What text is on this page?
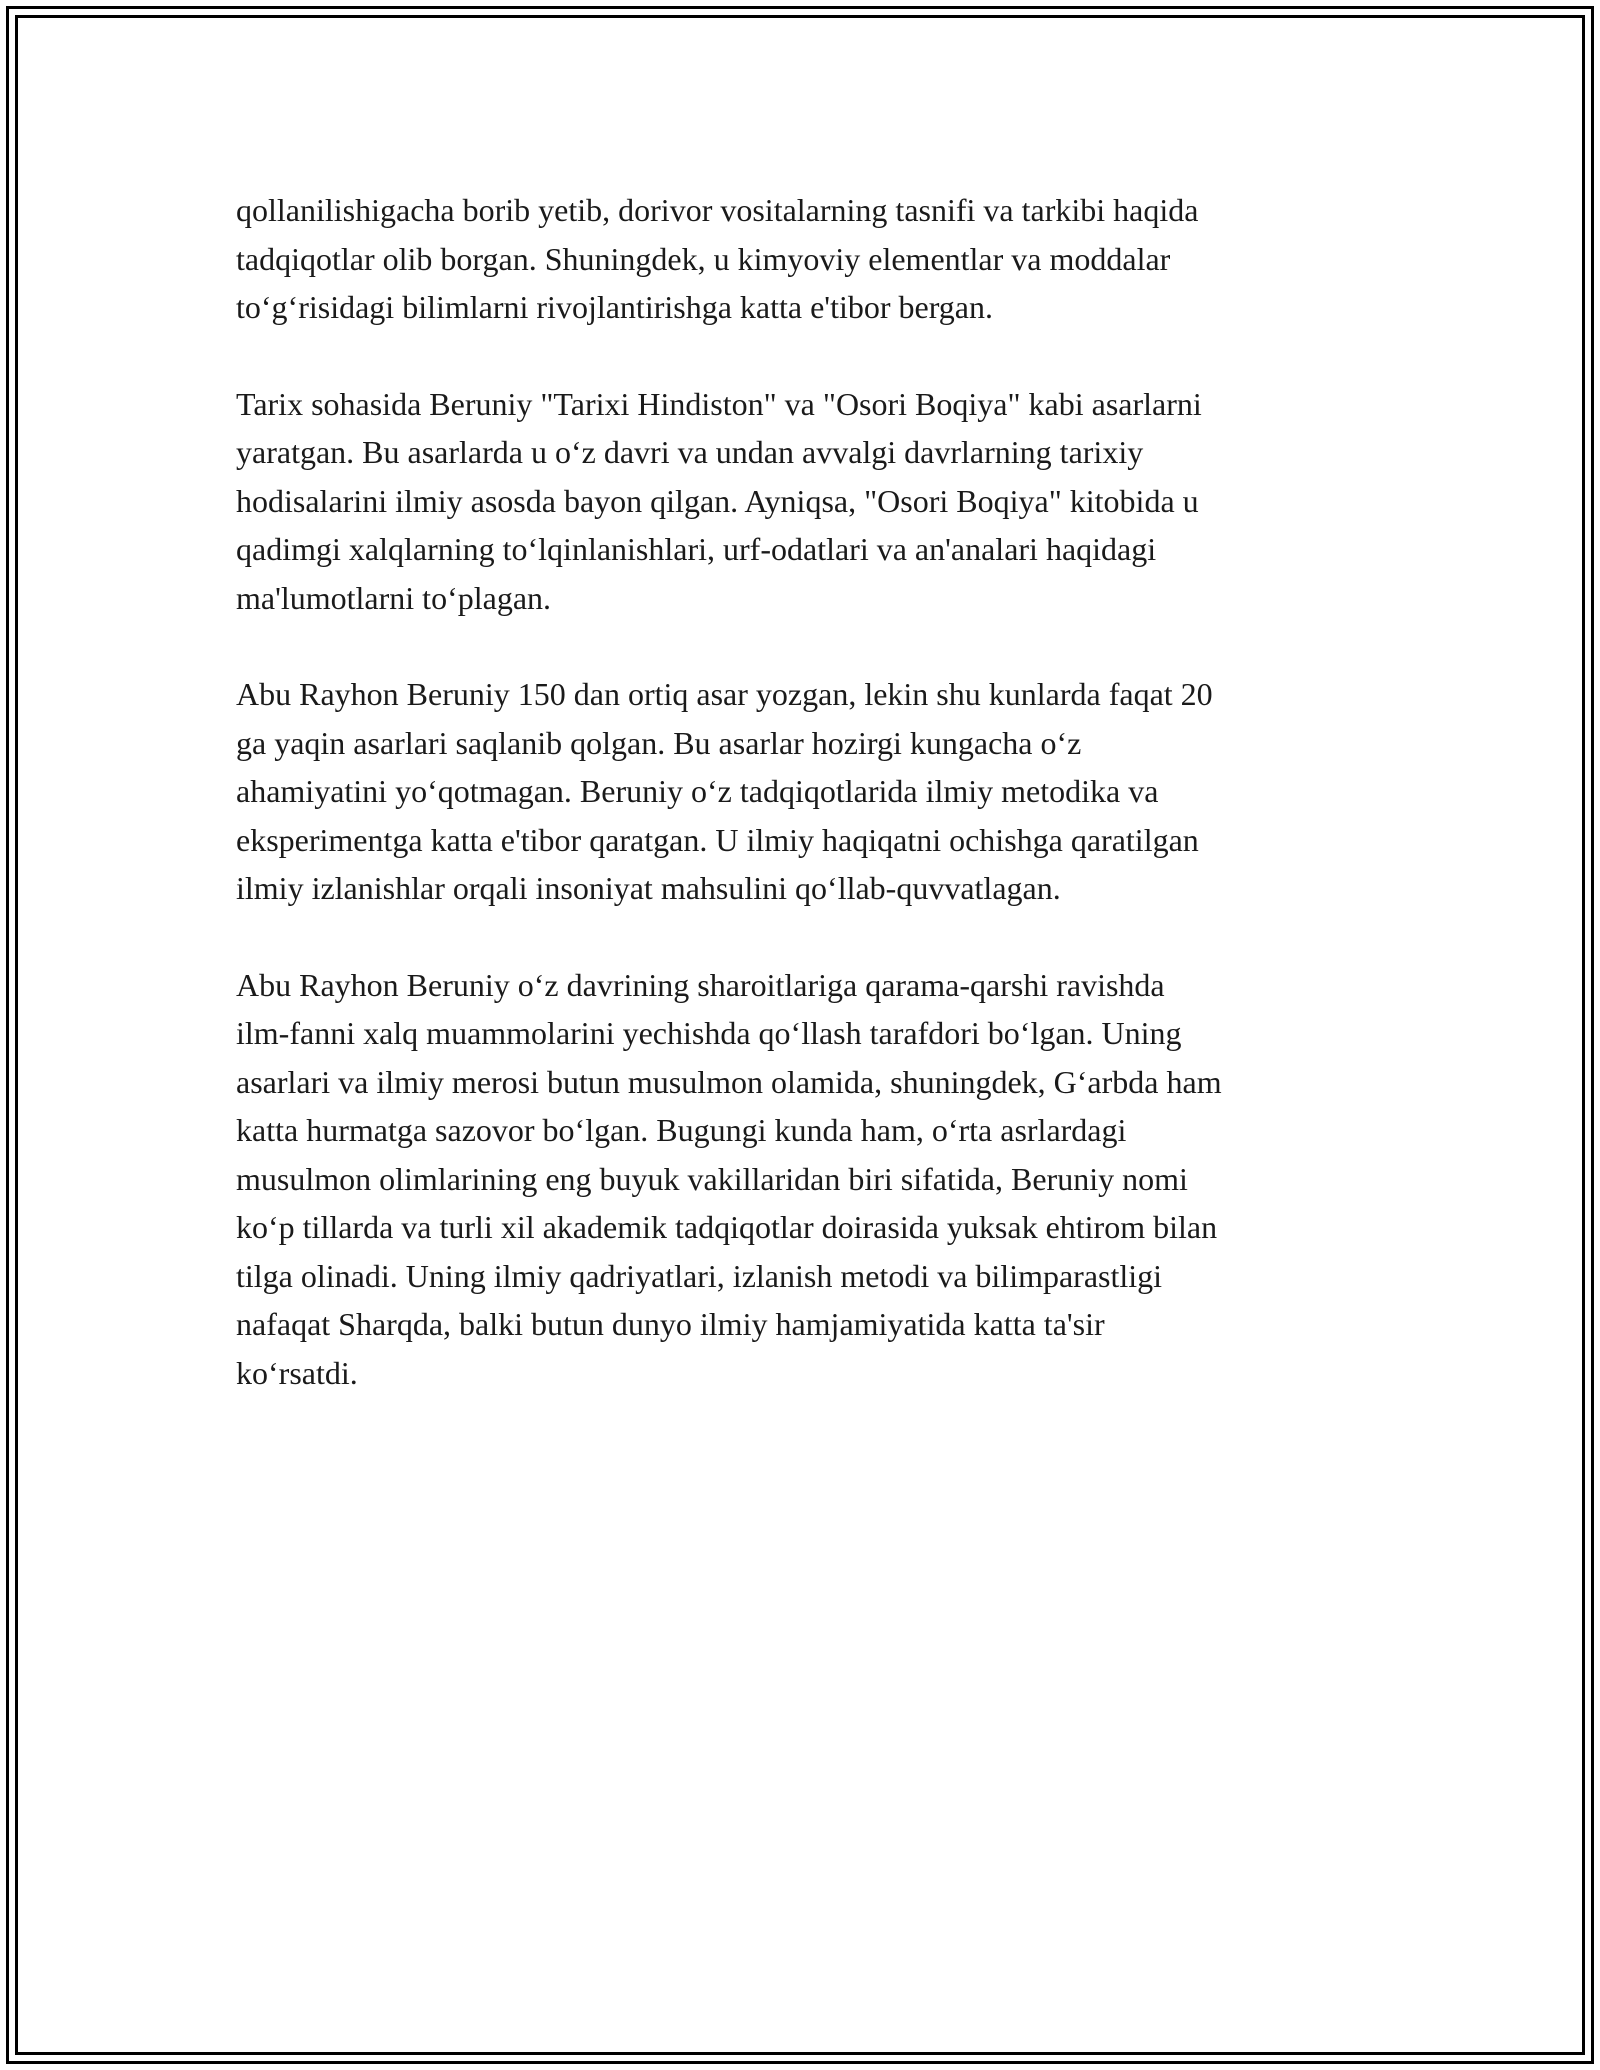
qollanilishigacha borib yetib, dorivor vositalarning tasnifi va tarkibi haqida
tadqiqotlar olib borgan. Shuningdek, u kimyoviy elementlar va moddalar
to‘g‘risidagi bilimlarni rivojlantirishga katta e'tibor bergan.

Tarix sohasida Beruniy "Tarixi Hindiston" va "Osori Boqiya" kabi asarlarni
yaratgan. Bu asarlarda u o‘z davri va undan avvalgi davrlarning tarixiy
hodisalarini ilmiy asosda bayon qilgan. Ayniqsa, "Osori Boqiya" kitobida u
qadimgi xalqlarning to‘lqinlanishlari, urf-odatlari va an'analari haqidagi
ma'lumotlarni to‘plagan.

Abu Rayhon Beruniy 150 dan ortiq asar yozgan, lekin shu kunlarda faqat 20
ga yaqin asarlari saqlanib qolgan. Bu asarlar hozirgi kungacha o‘z
ahamiyatini yo‘qotmagan. Beruniy o‘z tadqiqotlarida ilmiy metodika va
eksperimentga katta e'tibor qaratgan. U ilmiy haqiqatni ochishga qaratilgan
ilmiy izlanishlar orqali insoniyat mahsulini qo‘llab-quvvatlagan.

Abu Rayhon Beruniy o‘z davrining sharoitlariga qarama-qarshi ravishda
ilm-fanni xalq muammolarini yechishda qo‘llash tarafdori bo‘lgan. Uning
asarlari va ilmiy merosi butun musulmon olamida, shuningdek, G‘arbda ham
katta hurmatga sazovor bo‘lgan. Bugungi kunda ham, o‘rta asrlardagi
musulmon olimlarining eng buyuk vakillaridan biri sifatida, Beruniy nomi
ko‘p tillarda va turli xil akademik tadqiqotlar doirasida yuksak ehtirom bilan
tilga olinadi. Uning ilmiy qadriyatlari, izlanish metodi va bilimparastligi
nafaqat Sharqda, balki butun dunyo ilmiy hamjamiyatida katta ta'sir
ko‘rsatdi.
